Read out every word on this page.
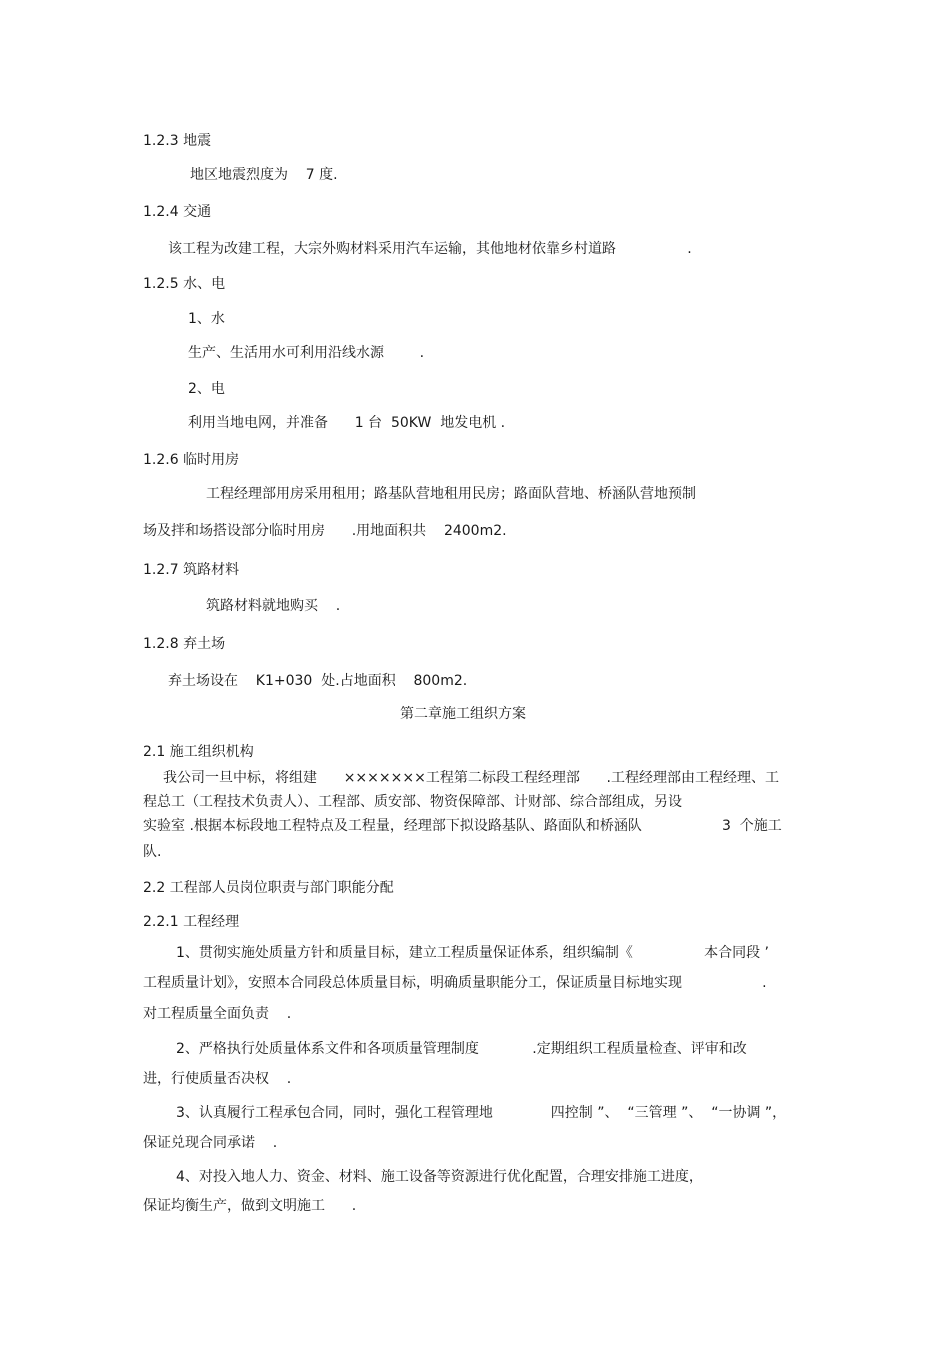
1.2.3 地震
地区地震烈度为    7 度.
1.2.4 交通
该工程为改建工程，大宗外购材料采用汽车运输，其他地材依靠乡村道路                .
1.2.5 水、电
1、水
生产、生活用水可利用沿线水源        .
2、电
利用当地电网，并准备      1 台  50KW  地发电机 .
1.2.6 临时用房
工程经理部用房采用租用；路基队营地租用民房；路面队营地、桥涵队营地预制
场及拌和场搭设部分临时用房      .用地面积共    2400m2.
1.2.7 筑路材料
筑路材料就地购买    .
1.2.8 弃土场
弃土场设在    K1+030  处.占地面积    800m2.
第二章施工组织方案
2.1 施工组织机构
我公司一旦中标，将组建      ×××××××工程第二标段工程经理部      .工程经理部由工程经理、工
程总工（工程技术负责人）、工程部、质安部、物资保障部、计财部、综合部组成，另设
实验室 .根据本标段地工程特点及工程量，经理部下拟设路基队、路面队和桥涵队                  3  个施工
队.
2.2 工程部人员岗位职责与部门职能分配
2.2.1 工程经理
1、贯彻实施处质量方针和质量目标，建立工程质量保证体系，组织编制《                本合同段 ’
工程质量计划》，安照本合同段总体质量目标，明确质量职能分工，保证质量目标地实现                  .
对工程质量全面负责    .
2、严格执行处质量体系文件和各项质量管理制度            .定期组织工程质量检查、评审和改
进，行使质量否决权    .
3、认真履行工程承包合同，同时，强化工程管理地             四控制 ”、  “三管理 ”、  “一协调 ”，
保证兑现合同承诺    .
4、对投入地人力、资金、材料、施工设备等资源进行优化配置，合理安排施工进度，
保证均衡生产，做到文明施工      .
